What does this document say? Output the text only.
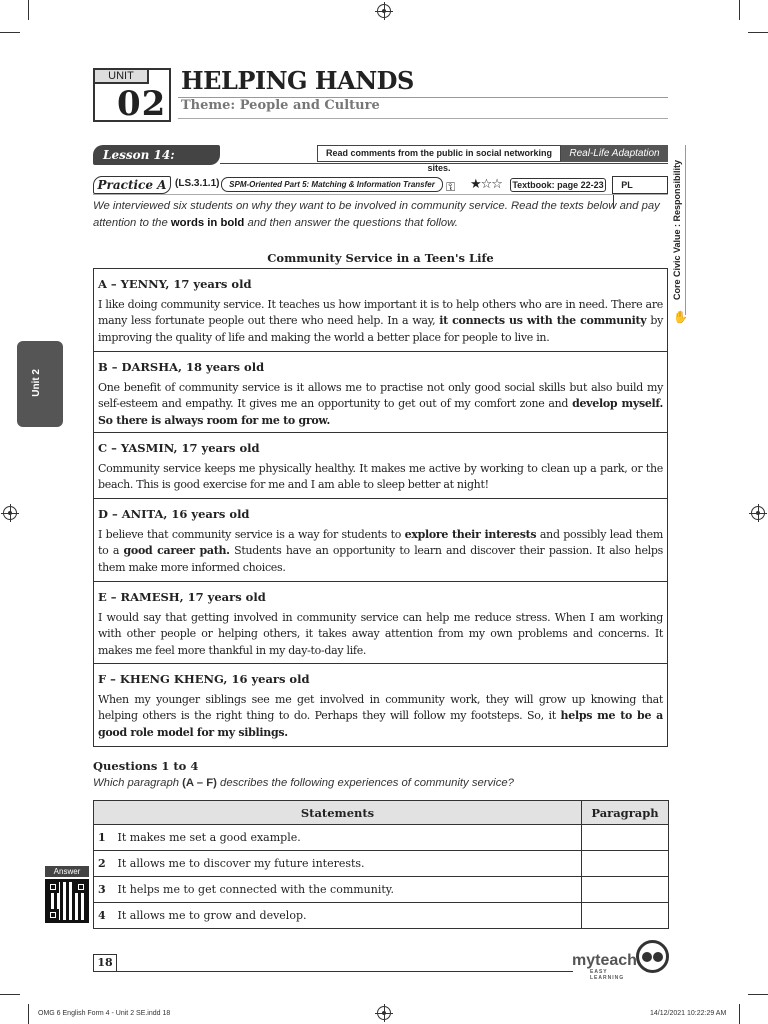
UNIT
02
HELPING HANDS
Theme: People and Culture
Lesson 14: Reading
Read comments from the public in social networking sites.
Real-Life Adaptation
Practice A (LS.3.1.1)	SPM-Oriented Part 5: Matching & Information Transfer ⚿ ★☆☆ Textbook: page 22-23	PL	Core Civic Value : Responsibility
✋
Unit 2
We interviewed six students on why they want to be involved in community service. Read the texts below and pay attention to the words in bold and then answer the questions that follow.
Community Service in a Teen's Life
A – YENNY, 17 years old
I like doing community service. It teaches us how important it is to help others who are in need. There are many less fortunate people out there who need help. In a way, it connects us with the community by improving the quality of life and making the world a better place for people to live in.
B – DARSHA, 18 years old
One benefit of community service is it allows me to practise not only good social skills but also build my self-esteem and empathy. It gives me an opportunity to get out of my comfort zone and develop myself. So there is always room for me to grow.
C – YASMIN, 17 years old
Community service keeps me physically healthy. It makes me active by working to clean up a park, or the beach. This is good exercise for me and I am able to sleep better at night!
D – ANITA, 16 years old
I believe that community service is a way for students to explore their interests and possibly lead them to a good career path. Students have an opportunity to learn and discover their passion. It also helps them make more informed choices.
E – RAMESH, 17 years old
I would say that getting involved in community service can help me reduce stress. When I am working with other people or helping others, it takes away attention from my own problems and concerns. It makes me feel more thankful in my day-to-day life.
F – KHENG KHENG, 16 years old
When my younger siblings see me get involved in community work, they will grow up knowing that helping others is the right thing to do. Perhaps they will follow my footsteps. So, it helps me to be a good role model for my siblings.
Questions 1 to 4
Which paragraph (A – F) describes the following experiences of community service?
Statements	Paragraph
1 It makes me set a good example.	
2 It allows me to discover my future interests.	
3 It helps me to get connected with the community.	
4 It allows me to grow and develop.	
Answer
18	myteach
EASY LEARNING
OMG 6 English Form 4 - Unit 2 SE.indd 18	14/12/2021 10:22:29 AM
